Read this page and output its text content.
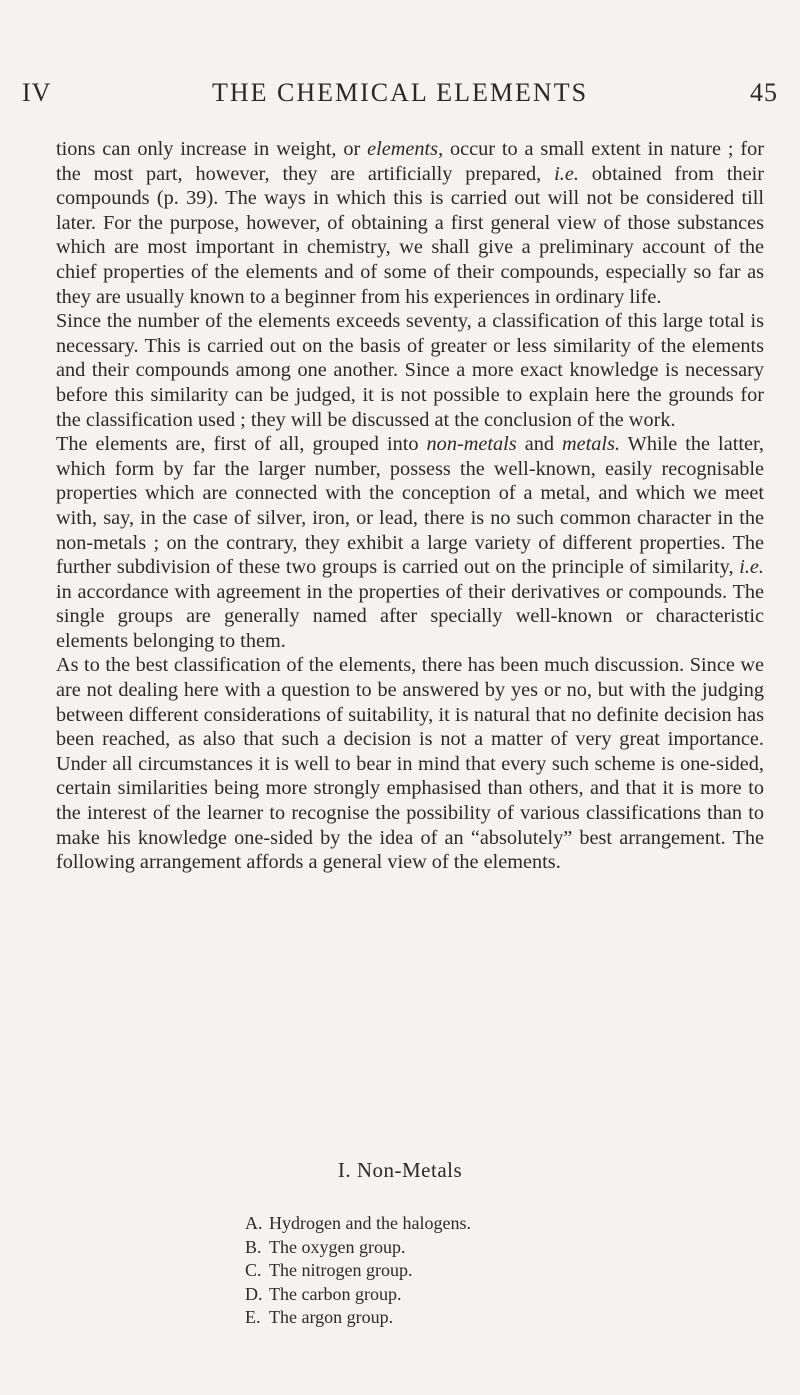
IV	THE CHEMICAL ELEMENTS	45

tions can only increase in weight, or elements, occur to a small extent in nature ; for the most part, however, they are artificially prepared, i.e. obtained from their compounds (p. 39). The ways in which this is carried out will not be considered till later. For the purpose, however, of obtaining a first general view of those substances which are most important in chemistry, we shall give a preliminary account of the chief properties of the elements and of some of their compounds, especially so far as they are usually known to a beginner from his experiences in ordinary life.

Since the number of the elements exceeds seventy, a classification of this large total is necessary. This is carried out on the basis of greater or less similarity of the elements and their compounds among one another. Since a more exact knowledge is necessary before this similarity can be judged, it is not possible to explain here the grounds for the classification used ; they will be discussed at the conclusion of the work.

The elements are, first of all, grouped into non-metals and metals. While the latter, which form by far the larger number, possess the well-known, easily recognisable properties which are connected with the conception of a metal, and which we meet with, say, in the case of silver, iron, or lead, there is no such common character in the non-metals ; on the contrary, they exhibit a large variety of different properties. The further subdivision of these two groups is carried out on the principle of similarity, i.e. in accordance with agreement in the properties of their derivatives or compounds. The single groups are generally named after specially well-known or characteristic elements belonging to them.

As to the best classification of the elements, there has been much discussion. Since we are not dealing here with a question to be answered by yes or no, but with the judging between different considerations of suitability, it is natural that no definite decision has been reached, as also that such a decision is not a matter of very great importance. Under all circumstances it is well to bear in mind that every such scheme is one-sided, certain similarities being more strongly emphasised than others, and that it is more to the interest of the learner to recognise the possibility of various classifications than to make his knowledge one-sided by the idea of an “absolutely” best arrangement. The following arrangement affords a general view of the elements.

I. Non-Metals
A. Hydrogen and the halogens.
B. The oxygen group.
C. The nitrogen group.
D. The carbon group.
E. The argon group.
